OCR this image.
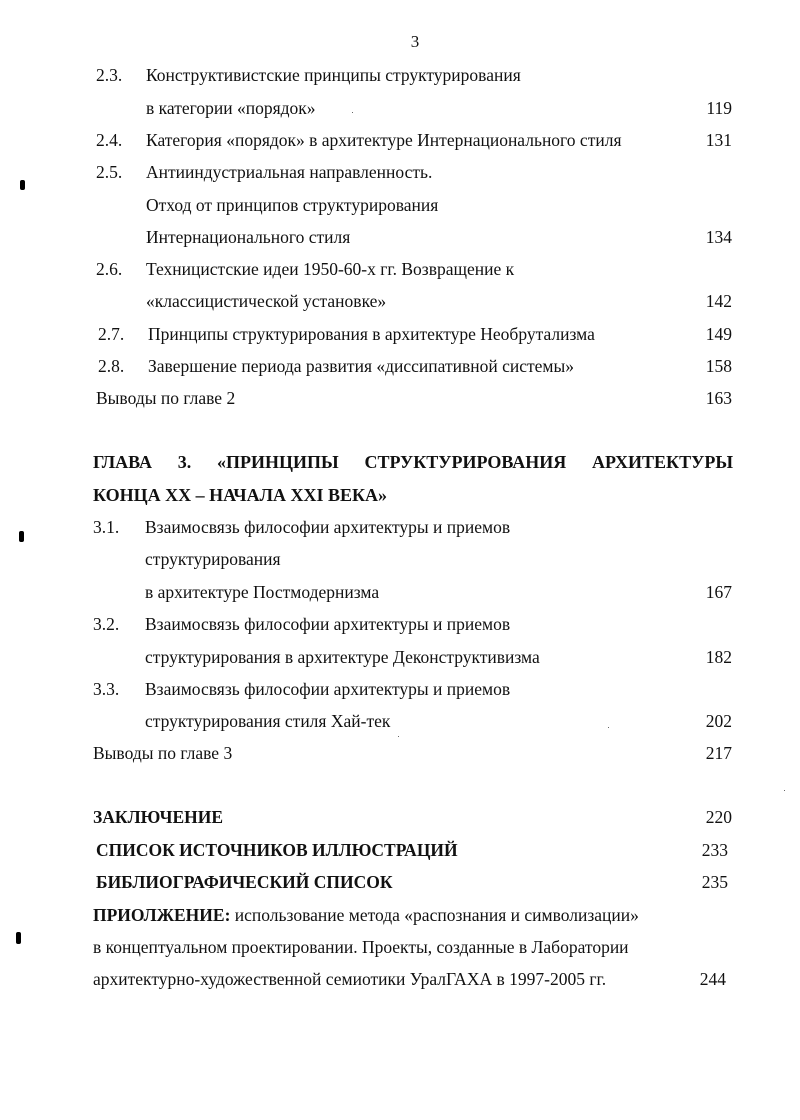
3
2.3. Конструктивистские принципы структурирования
в категории «порядок»	119
2.4. Категория «порядок» в архитектуре Интернационального стиля	131
2.5. Антииндустриальная направленность.
Отход от принципов структурирования
Интернационального стиля	134
2.6. Техницистские идеи 1950-60-х гг. Возвращение к
«классицистической установке»	142
2.7. Принципы структурирования в архитектуре Необрутализма	149
2.8. Завершение периода развития «диссипативной системы»	158
Выводы по главе 2	163
ГЛАВА 3. «ПРИНЦИПЫ СТРУКТУРИРОВАНИЯ АРХИТЕКТУРЫ
КОНЦА XX – НАЧАЛА XXI ВЕКА»
3.1. Взаимосвязь философии архитектуры и приемов
структурирования
в архитектуре Постмодернизма	167
3.2. Взаимосвязь философии архитектуры и приемов
структурирования в архитектуре Деконструктивизма	182
3.3. Взаимосвязь философии архитектуры и приемов
структурирования стиля Хай-тек	202
Выводы по главе 3	217
ЗАКЛЮЧЕНИЕ	220
СПИСОК ИСТОЧНИКОВ ИЛЛЮСТРАЦИЙ	233
БИБЛИОГРАФИЧЕСКИЙ СПИСОК	235
ПРИОЛЖЕНИЕ: использование метода «распознания и символизации»
в концептуальном проектировании. Проекты, созданные в Лаборатории
архитектурно-художественной семиотики УралГАХА в 1997-2005 гг.	244
